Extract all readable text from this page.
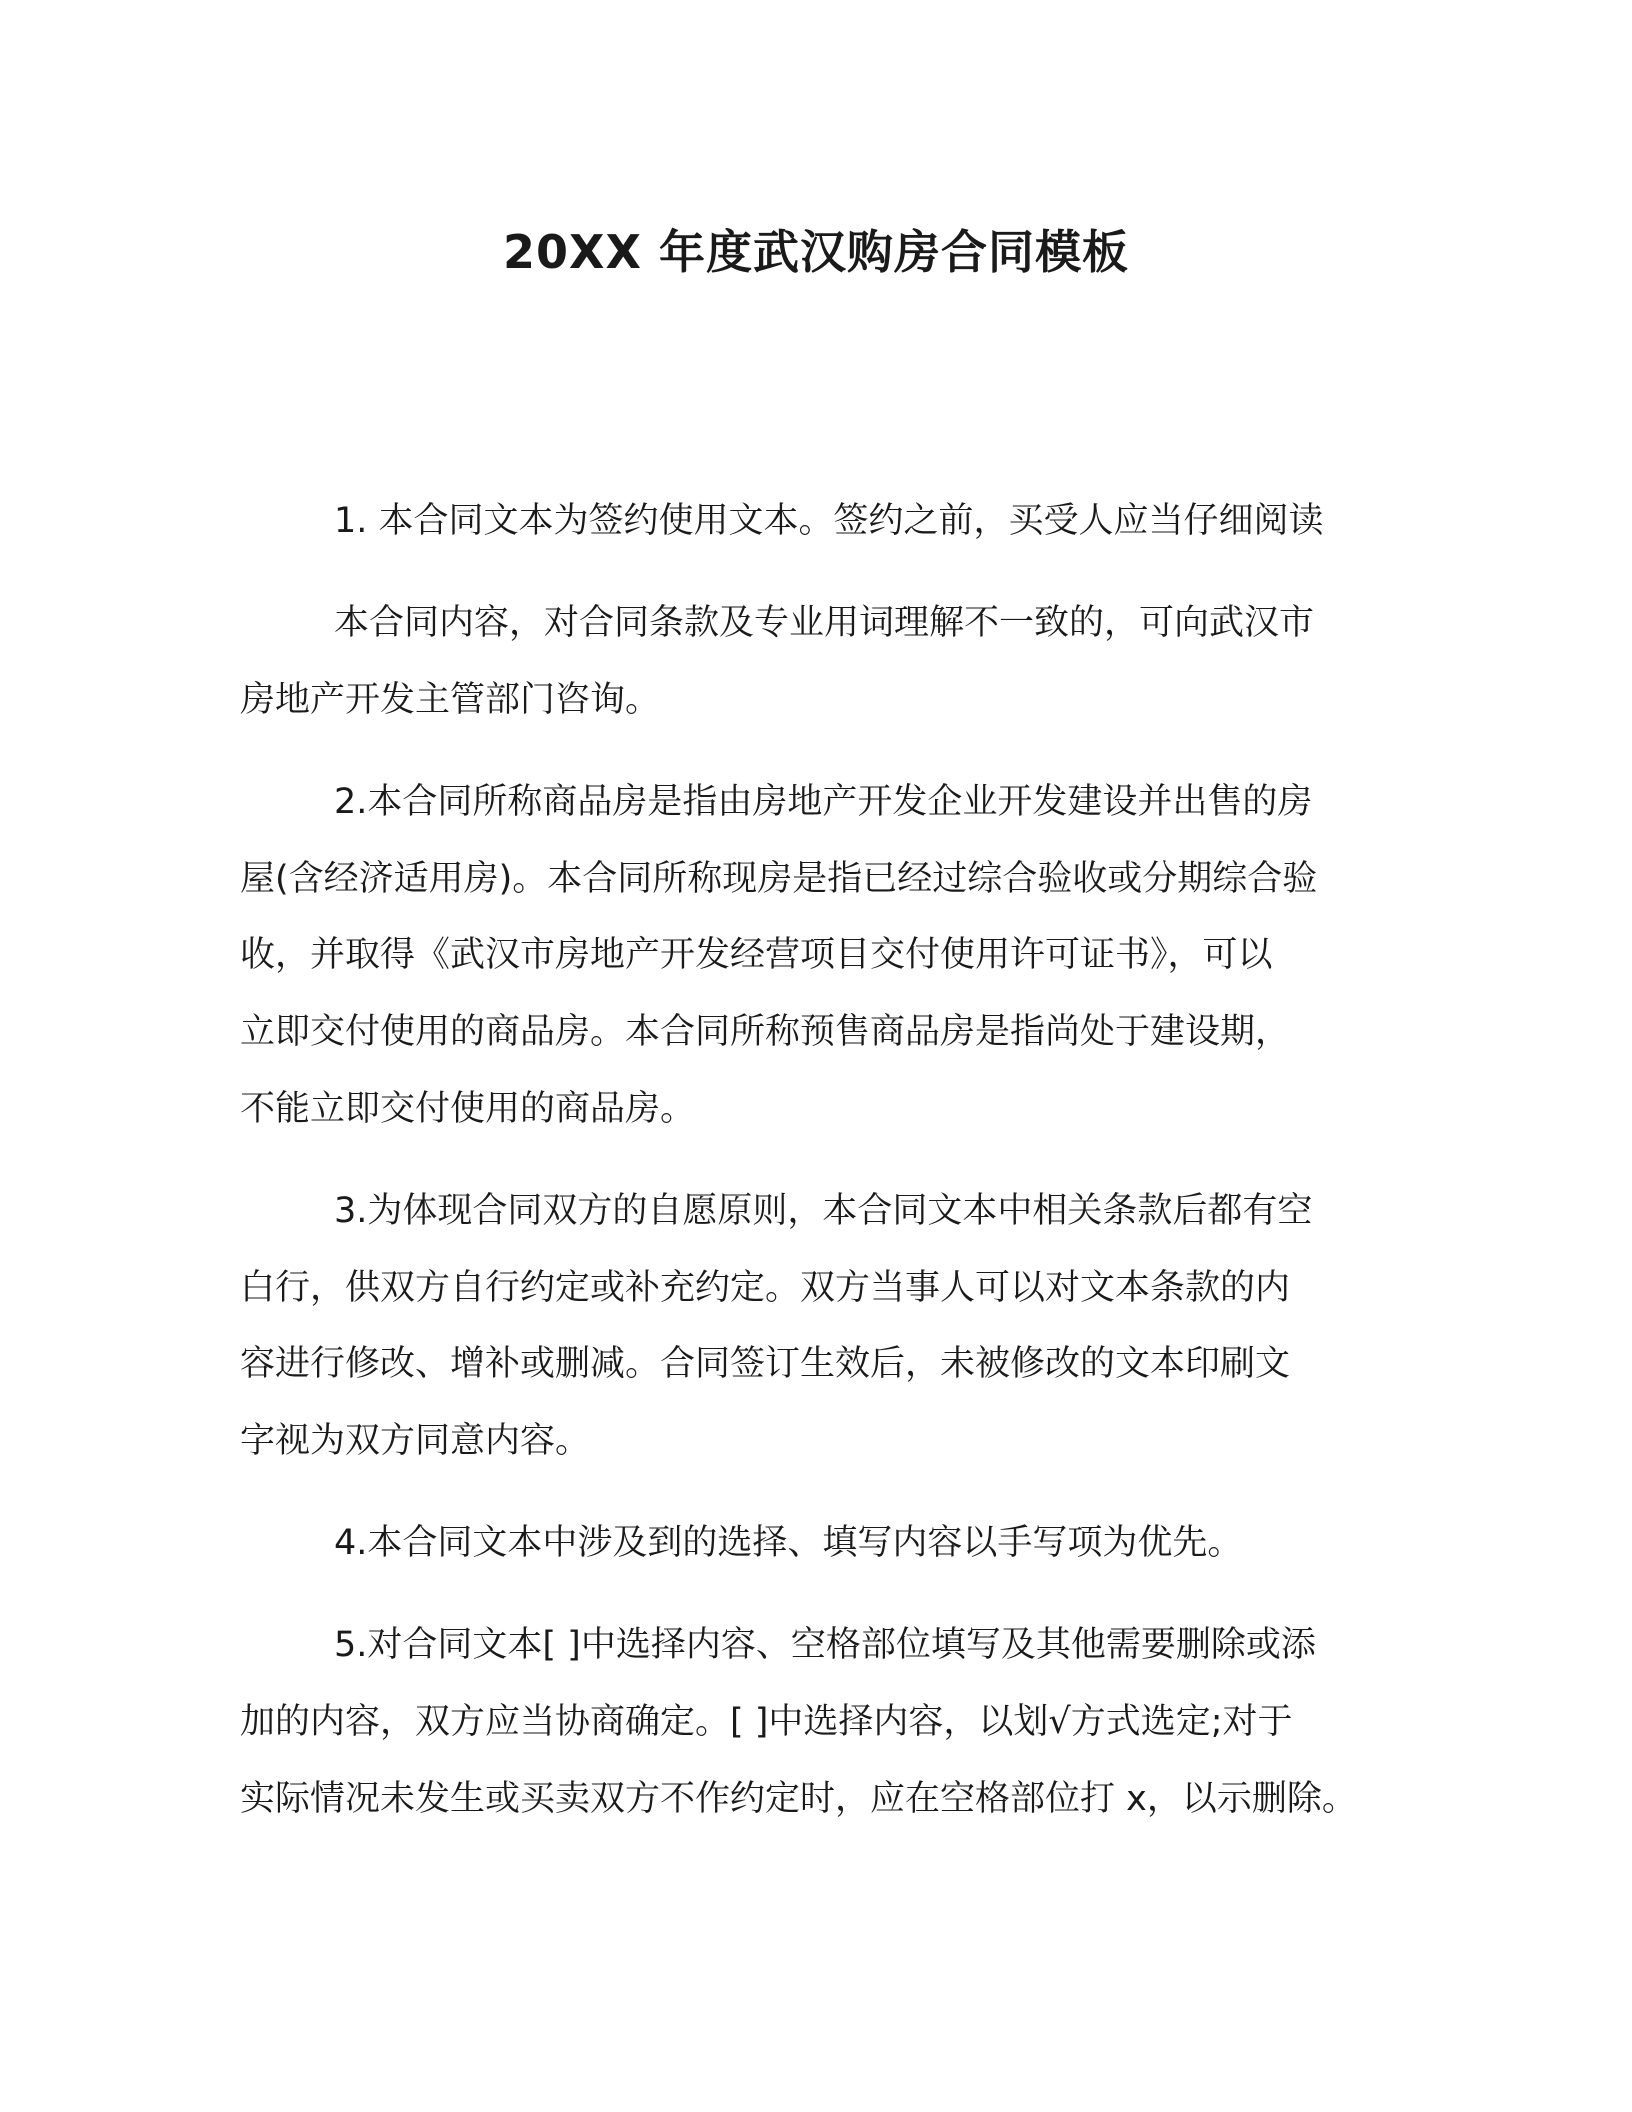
20XX 年度武汉购房合同模板
1. 本合同文本为签约使用文本。签约之前，买受人应当仔细阅读
本合同内容，对合同条款及专业用词理解不一致的，可向武汉市
房地产开发主管部门咨询。
2.本合同所称商品房是指由房地产开发企业开发建设并出售的房
屋(含经济适用房)。本合同所称现房是指已经过综合验收或分期综合验
收，并取得《武汉市房地产开发经营项目交付使用许可证书》，可以
立即交付使用的商品房。本合同所称预售商品房是指尚处于建设期，
不能立即交付使用的商品房。
3.为体现合同双方的自愿原则，本合同文本中相关条款后都有空
白行，供双方自行约定或补充约定。双方当事人可以对文本条款的内
容进行修改、增补或删减。合同签订生效后，未被修改的文本印刷文
字视为双方同意内容。
4.本合同文本中涉及到的选择、填写内容以手写项为优先。
5.对合同文本[ ]中选择内容、空格部位填写及其他需要删除或添
加的内容，双方应当协商确定。[ ]中选择内容，以划√方式选定;对于
实际情况未发生或买卖双方不作约定时，应在空格部位打 x，以示删除。
